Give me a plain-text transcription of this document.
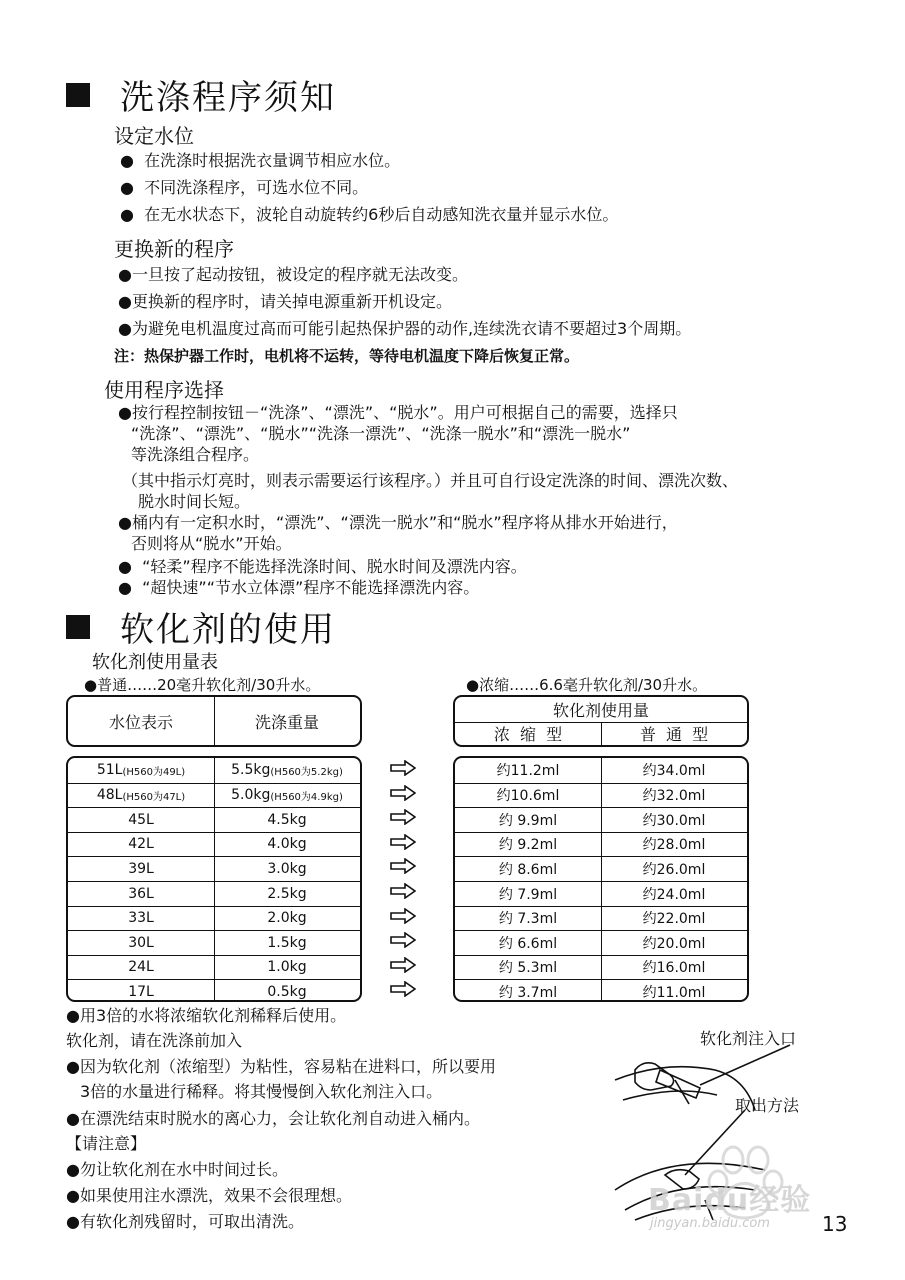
洗涤程序须知
设定水位
● 在洗涤时根据洗衣量调节相应水位。
● 不同洗涤程序，可选水位不同。
● 在无水状态下，波轮自动旋转约6秒后自动感知洗衣量并显示水位。
更换新的程序
●一旦按了起动按钮，被设定的程序就无法改变。
●更换新的程序时，请关掉电源重新开机设定。
●为避免电机温度过高而可能引起热保护器的动作,连续洗衣请不要超过3个周期。
注：热保护器工作时，电机将不运转，等待电机温度下降后恢复正常。
使用程序选择
●按行程控制按钮－“洗涤”、“漂洗”、“脱水”。用户可根据自己的需要，选择只
“洗涤”、“漂洗”、“脱水”“洗涤一漂洗”、“洗涤一脱水”和“漂洗一脱水”
等洗涤组合程序。
（其中指示灯亮时，则表示需要运行该程序。）并且可自行设定洗涤的时间、漂洗次数、
脱水时间长短。
●桶内有一定积水时，“漂洗”、“漂洗一脱水”和“脱水”程序将从排水开始进行，
否则将从“脱水”开始。
● “轻柔”程序不能选择洗涤时间、脱水时间及漂洗内容。
● “超快速”“节水立体漂”程序不能选择漂洗内容。
软化剂的使用
软化剂使用量表
●普通……20毫升软化剂/30升水。	●浓缩……6.6毫升软化剂/30升水。
水位表示	洗涤重量
软化剂使用量
浓  缩  型	普  通  型
51L (H560为49L)	5.5kg (H560为5.2kg)
48L (H560为47L)	5.0kg (H560为4.9kg)
45L	4.5kg
42L	4.0kg
39L	3.0kg
36L	2.5kg
33L	2.0kg
30L	1.5kg
24L	1.0kg
17L	0.5kg
约11.2ml	约34.0ml
约10.6ml	约32.0ml
约 9.9ml	约30.0ml
约 9.2ml	约28.0ml
约 8.6ml	约26.0ml
约 7.9ml	约24.0ml
约 7.3ml	约22.0ml
约 6.6ml	约20.0ml
约 5.3ml	约16.0ml
约 3.7ml	约11.0ml
●用3倍的水将浓缩软化剂稀释后使用。
软化剂，请在洗涤前加入
●因为软化剂（浓缩型）为粘性，容易粘在进料口，所以要用
3倍的水量进行稀释。将其慢慢倒入软化剂注入口。
●在漂洗结束时脱水的离心力，会让软化剂自动进入桶内。
【请注意】
●勿让软化剂在水中时间过长。
●如果使用注水漂洗，效果不会很理想。
●有软化剂残留时，可取出清洗。
软化剂注入口
取出方法
Baidu经验
jingyan.baidu.com	13
